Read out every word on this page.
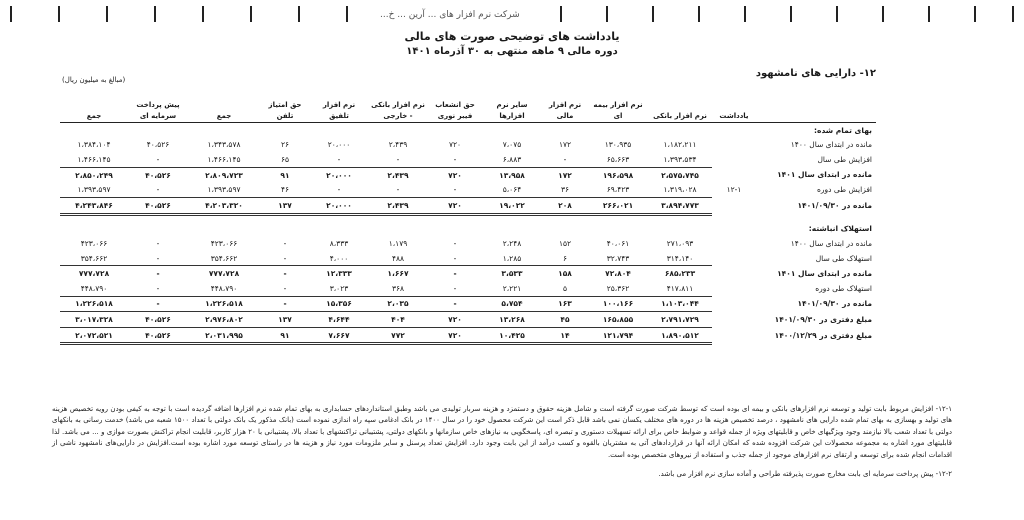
شرکت نرم افزار های ... آرین ... خ...
یادداشت های توضیحی صورت های مالی
دوره مالی ۹ ماهه منتهی به ۳۰ آذرماه ۱۴۰۱
۱۲- دارایی های نامشهود
(مبالغ به میلیون ریال)
	یادداشت	نرم افزار بانکی	نرم افزار بیمه ای	نرم افزار مالی	سایر نرم افزارها	حق انشعاب فیبر نوری	نرم افزار بانکی - خارجی	نرم افزار تلفیق	حق امتیاز تلفن	جمع	پیش پرداخت سرمایه ای	جمع
بهای تمام شده:												
مانده در ابتدای سال ۱۴۰۰		۱،۱۸۲،۲۱۱	۱۳۰،۹۳۵	۱۷۲	۷،۰۷۵	۷۲۰	۲،۴۳۹	۲۰،۰۰۰	۲۶	۱،۳۴۳،۵۷۸	۴۰،۵۲۶	۱،۳۸۴،۱۰۴
افزایش طی سال		۱،۳۹۳،۵۳۴	۶۵،۶۶۳	-	۶،۸۸۳	-	-	-	۶۵	۱،۴۶۶،۱۴۵	-	۱،۴۶۶،۱۴۵
مانده در ابتدای سال ۱۴۰۱		۲،۵۷۵،۷۴۵	۱۹۶،۵۹۸	۱۷۲	۱۳،۹۵۸	۷۲۰	۲،۴۳۹	۲۰،۰۰۰	۹۱	۲،۸۰۹،۷۲۳	۴۰،۵۲۶	۲،۸۵۰،۲۴۹
افزایش طی دوره	۱۲-۱	۱،۳۱۹،۰۲۸	۶۹،۴۲۳	۳۶	۵،۰۶۴	-	-	-	۴۶	۱،۳۹۳،۵۹۷	-	۱،۳۹۳،۵۹۷
مانده در ۱۴۰۱/۰۹/۳۰		۳،۸۹۴،۷۷۳	۲۶۶،۰۲۱	۲۰۸	۱۹،۰۲۲	۷۲۰	۲،۴۳۹	۲۰،۰۰۰	۱۳۷	۴،۲۰۳،۳۲۰	۴۰،۵۲۶	۴،۲۴۳،۸۴۶

استهلاک انباشته:												
مانده در ابتدای سال ۱۴۰۰		۲۷۱،۰۹۳	۴۰،۰۶۱	۱۵۲	۲،۲۴۸	-	۱،۱۷۹	۸،۳۳۳	-	۴۲۳،۰۶۶	-	۴۲۳،۰۶۶
استهلاک طی سال		۳۱۴،۱۴۰	۳۲،۷۴۳	۶	۱،۲۸۵	-	۴۸۸	۴،۰۰۰	-	۳۵۴،۶۶۲	-	۳۵۴،۶۶۲
مانده در ابتدای سال ۱۴۰۱		۶۸۵،۲۳۳	۷۲،۸۰۴	۱۵۸	۳،۵۳۳	-	۱،۶۶۷	۱۲،۳۳۳	-	۷۷۷،۷۲۸	-	۷۷۷،۷۲۸
استهلاک طی دوره		۴۱۷،۸۱۱	۲۵،۳۶۲	۵	۲،۲۲۱	-	۳۶۸	۳،۰۲۳	-	۴۴۸،۷۹۰	-	۴۴۸،۷۹۰
مانده در ۱۴۰۱/۰۹/۳۰		۱،۱۰۳،۰۴۴	۱۰۰،۱۶۶	۱۶۳	۵،۷۵۴	-	۲،۰۳۵	۱۵،۳۵۶	-	۱،۲۲۶،۵۱۸	-	۱،۲۲۶،۵۱۸
مبلغ دفتری در ۱۴۰۱/۰۹/۳۰		۲،۷۹۱،۷۲۹	۱۶۵،۸۵۵	۴۵	۱۳،۲۶۸	۷۲۰	۴۰۴	۴،۶۴۴	۱۳۷	۲،۹۷۶،۸۰۲	۴۰،۵۲۶	۳،۰۱۷،۳۲۸
مبلغ دفتری در ۱۴۰۰/۱۲/۲۹		۱،۸۹۰،۵۱۲	۱۲۱،۷۹۴	۱۴	۱۰،۴۲۵	۷۲۰	۷۷۲	۷،۶۶۷	۹۱	۲،۰۳۱،۹۹۵	۴۰،۵۲۶	۲،۰۷۲،۵۲۱

۱۲-۱- افزایش مربوط بابت تولید و توسعه نرم افزارهای بانکی و بیمه ای بوده است که توسط شرکت صورت گرفته است و شامل هزینه حقوق و دستمزد و هزینه سربار تولیدی می باشد وطبق استانداردهای حسابداری به بهای تمام شده نرم افزارها اضافه گردیده است با توجه به کیفی بودن رویه تخصیص هزینه های تولید و بهسازی به بهای تمام شده دارایی های نامشهود ، درصد تخصیص هزینه ها در دوره های مختلف یکسان نمی باشد قابل ذکر است این شرکت محصول خود را در سال ۱۴۰۰ در بانک ادغامی سپه راه اندازی نموده است (بانک مذکور یک بانک دولتی با تعداد ۱۵۰۰ شعبه می باشد) خدمت رسانی به بانکهای دولتی با تعداد شعب بالا نیازمند وجود ویژگیهای خاص و قابلیتهای ویژه از جمله قواعد و ضوابط خاص برای ارائه تسهیلات دستوری و تبصره ای، پاسخگویی به نیازهای خاص سازمانها و بانکهای دولتی، پشتیبانی تراکنشهای با تعداد بالا، پشتیبانی با ۲۰ هزار کاربر، قابلیت انجام تراکنش بصورت موازی و ... می باشد. لذا قابلیتهای مورد اشاره به مجموعه محصولات این شرکت افزوده شده که امکان ارائه آنها در قراردادهای آتی به مشتریان بالقوه و کسب درآمد از این بابت وجود دارد. افزایش تعداد پرسنل و سایر ملزومات مورد نیاز و هزینه ها در راستای توسعه مورد اشاره بوده است.افزایش در دارایی‌های نامشهود ناشی از اقدامات انجام شده برای توسعه و ارتقای نرم افزارهای موجود از جمله جذب و استفاده از نیروهای متخصص بوده است.

۱۲-۲- پیش پرداخت سرمایه ای بابت مخارج صورت پذیرفته طراحی و آماده سازی نرم افزار می باشد.
